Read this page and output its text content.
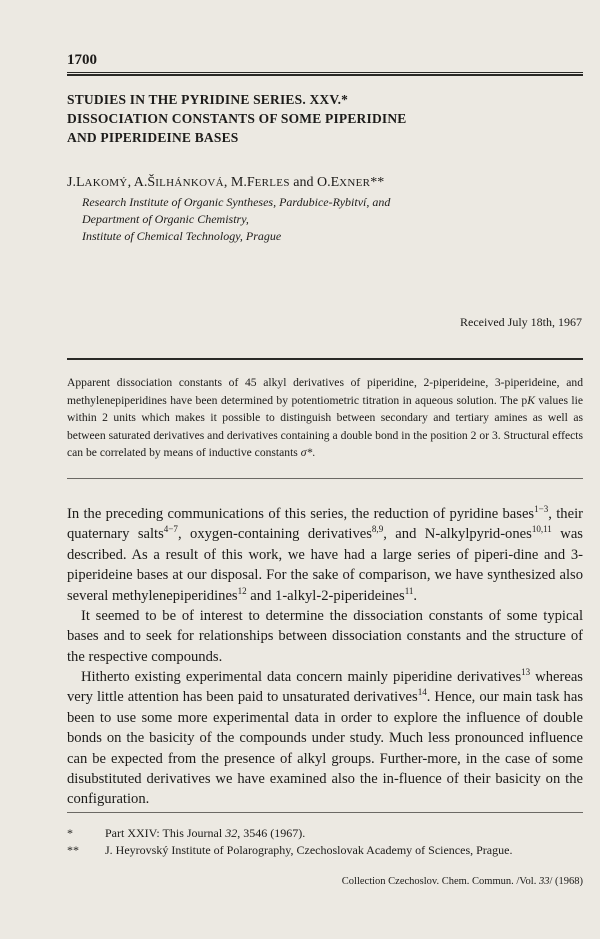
1700
STUDIES IN THE PYRIDINE SERIES. XXV.*
DISSOCIATION CONSTANTS OF SOME PIPERIDINE
AND PIPERIDEINE BASES
J.LAKOMÝ, A.ŠILHÁNKOVÁ, M.FERLES and O.EXNER**
Research Institute of Organic Syntheses, Pardubice-Rybitví, and
Department of Organic Chemistry,
Institute of Chemical Technology, Prague
Received July 18th, 1967
Apparent dissociation constants of 45 alkyl derivatives of piperidine, 2-piperideine, 3-piperideine, and methylenepiperidines have been determined by potentiometric titration in aqueous solution. The pK values lie within 2 units which makes it possible to distinguish between secondary and tertiary amines as well as between saturated derivatives and derivatives containing a double bond in the position 2 or 3. Structural effects can be correlated by means of inductive constants σ*.
In the preceding communications of this series, the reduction of pyridine bases$^{1-3}$, their quaternary salts$^{4-7}$, oxygen-containing derivatives$^{8,9}$, and N-alkylpyrid-ones$^{10,11}$ was described. As a result of this work, we have had a large series of piperi-dine and 3-piperideine bases at our disposal. For the sake of comparison, we have synthesized also several methylenepiperidines$^{12}$ and 1-alkyl-2-piperideines$^{11}$.
It seemed to be of interest to determine the dissociation constants of some typical bases and to seek for relationships between dissociation constants and the structure of the respective compounds.
Hitherto existing experimental data concern mainly piperidine derivatives$^{13}$ whereas very little attention has been paid to unsaturated derivatives$^{14}$. Hence, our main task has been to use some more experimental data in order to explore the influence of double bonds on the basicity of the compounds under study. Much less pronounced influence can be expected from the presence of alkyl groups. Further-more, in the case of some disubstituted derivatives we have examined also the in-fluence of their basicity on the configuration.
*	Part XXIV: This Journal 32, 3546 (1967).
** J. Heyrovský Institute of Polarography, Czechoslovak Academy of Sciences, Prague.
Collection Czechoslov. Chem. Commun. /Vol. 33/ (1968)
